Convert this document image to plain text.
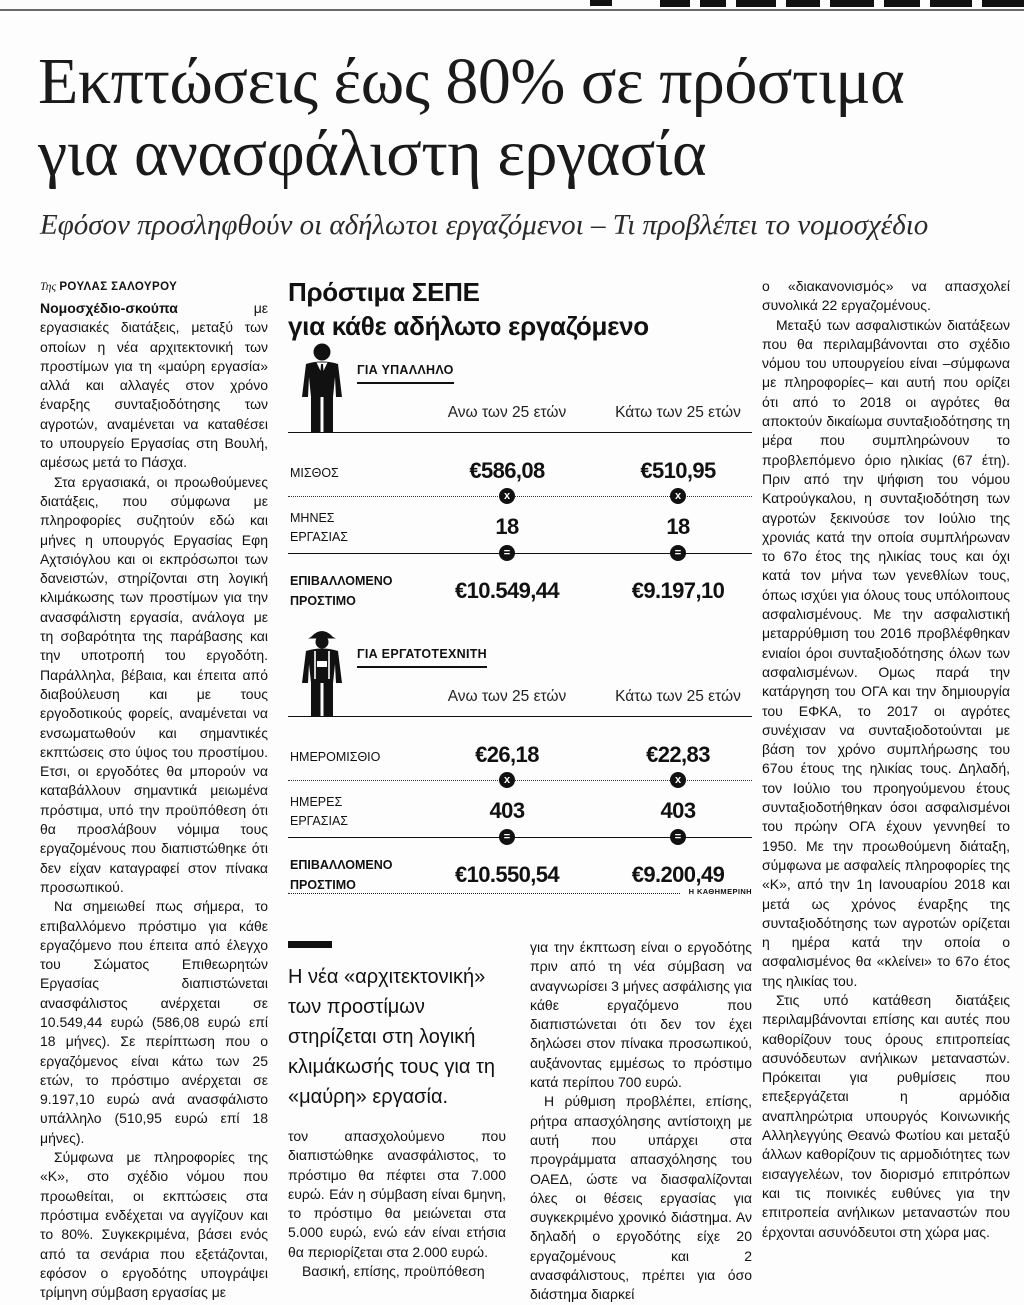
Εκπτώσεις έως 80% σε πρόστιμα
για ανασφάλιστη εργασία

Εφόσον προσληφθούν οι αδήλωτοι εργαζόμενοι – Τι προβλέπει το νομοσχέδιο

Της ΡΟΥΛΑΣ ΣΑΛΟΥΡΟΥ

Νομοσχέδιο-σκούπα	με εργασιακές διατάξεις, μεταξύ των οποίων η νέα αρχιτεκτονική των προστίμων για τη «μαύρη εργασία» αλλά και αλλαγές στον χρόνο έναρξης συνταξιοδότησης των αγροτών, αναμένεται να καταθέσει το υπουργείο Εργασίας στη Βουλή, αμέσως μετά το Πάσχα.

Στα εργασιακά, οι προωθούμενες διατάξεις, που σύμφωνα με πληροφορίες συζητούν εδώ και μήνες η υπουργός Εργασίας Εφη Αχτσιόγλου και οι εκπρόσωποι των δανειστών, στηρίζονται στη λογική κλιμάκωσης των προστίμων για την ανασφάλιστη εργασία, ανάλογα με τη σοβαρότητα της παράβασης και την υποτροπή του εργοδότη. Παράλληλα, βέβαια, και έπειτα από διαβούλευση και με τους εργοδοτικούς φορείς, αναμένεται να ενσωματωθούν και σημαντικές εκπτώσεις στο ύψος του προστίμου. Ετσι, οι εργοδότες θα μπορούν να καταβάλλουν σημαντικά μειωμένα πρόστιμα, υπό την προϋπόθεση ότι θα προσλάβουν νόμιμα τους εργαζομένους που διαπιστώθηκε ότι δεν είχαν καταγραφεί στον πίνακα προσωπικού.

Να σημειωθεί πως σήμερα, το επιβαλλόμενο πρόστιμο για κάθε εργαζόμενο που έπειτα από έλεγχο του Σώματος Επιθεωρητών Εργασίας διαπιστώνεται ανασφάλιστος ανέρχεται σε 10.549,44 ευρώ (586,08 ευρώ επί 18 μήνες). Σε περίπτωση που ο εργαζόμενος είναι κάτω των 25 ετών, το πρόστιμο ανέρχεται σε 9.197,10 ευρώ ανά ανασφάλιστο υπάλληλο (510,95 ευρώ επί 18 μήνες).

Σύμφωνα με πληροφορίες της «Κ», στο σχέδιο νόμου που προωθείται, οι εκπτώσεις στα πρόστιμα ενδέχεται να αγγίζουν και το 80%. Συγκεκριμένα, βάσει ενός από τα σενάρια που εξετάζονται, εφόσον ο εργοδότης υπογράψει τρίμηνη σύμβαση εργασίας με

Πρόστιμα ΣΕΠΕ
για κάθε αδήλωτο εργαζόμενο
ΓΙΑ ΥΠΑΛΛΗΛΟ
Ανω των 25 ετών	Κάτω των 25 ετών
ΜΙΣΘΟΣ	€586,08	€510,95
x	x
ΜΗΝΕΣ ΕΡΓΑΣΙΑΣ	18	18
=	=
ΕΠΙΒΑΛΛΟΜΕΝΟ ΠΡΟΣΤΙΜΟ	€10.549,44	€9.197,10
ΓΙΑ ΕΡΓΑΤΟΤΕΧΝΙΤΗ
Ανω των 25 ετών	Κάτω των 25 ετών
ΗΜΕΡΟΜΙΣΘΙΟ	€26,18	€22,83
x	x
ΗΜΕΡΕΣ ΕΡΓΑΣΙΑΣ	403	403
=	=
ΕΠΙΒΑΛΛΟΜΕΝΟ ΠΡΟΣΤΙΜΟ	€10.550,54	€9.200,49
Η ΚΑΘΗΜΕΡΙΝΗ

Η νέα «αρχιτεκτονική» των προστίμων στηρίζεται στη λογική κλιμάκωσής τους για τη «μαύρη» εργασία.

τον απασχολούμενο που διαπιστώθηκε ανασφάλιστος, το πρόστιμο θα πέφτει στα 7.000 ευρώ. Εάν η σύμβαση είναι 6μηνη, το πρόστιμο θα μειώνεται στα 5.000 ευρώ, ενώ εάν είναι ετήσια θα περιορίζεται στα 2.000 ευρώ.

Βασική, επίσης, προϋπόθεση

για την έκπτωση είναι ο εργοδότης πριν από τη νέα σύμβαση να αναγνωρίσει 3 μήνες ασφάλισης για κάθε εργαζόμενο που διαπιστώνεται ότι δεν τον έχει δηλώσει στον πίνακα προσωπικού, αυξάνοντας εμμέσως το πρόστιμο κατά περίπου 700 ευρώ.

Η ρύθμιση προβλέπει, επίσης, ρήτρα απασχόλησης αντίστοιχη με αυτή που υπάρχει στα προγράμματα απασχόλησης του ΟΑΕΔ, ώστε να διασφαλίζονται όλες οι θέσεις εργασίας για συγκεκριμένο χρονικό διάστημα. Αν δηλαδή ο εργοδότης είχε 20 εργαζομένους και 2 ανασφάλιστους, πρέπει για όσο διάστημα διαρκεί

ο «διακανονισμός» να απασχολεί συνολικά 22 εργαζομένους.

Μεταξύ των ασφαλιστικών διατάξεων που θα περιλαμβάνονται στο σχέδιο νόμου του υπουργείου είναι –σύμφωνα με πληροφορίες– και αυτή που ορίζει ότι από το 2018 οι αγρότες θα αποκτούν δικαίωμα συνταξιοδότησης τη μέρα που συμπληρώνουν το προβλεπόμενο όριο ηλικίας (67 έτη). Πριν από την ψήφιση του νόμου Κατρούγκαλου, η συνταξιοδότηση των αγροτών ξεκινούσε τον Ιούλιο της χρονιάς κατά την οποία συμπλήρωναν το 67ο έτος της ηλικίας τους και όχι κατά τον μήνα των γενεθλίων τους, όπως ισχύει για όλους τους υπόλοιπους ασφαλισμένους. Με την ασφαλιστική μεταρρύθμιση του 2016 προβλέφθηκαν ενιαίοι όροι συνταξιοδότησης όλων των ασφαλισμένων. Ομως παρά την κατάργηση του ΟΓΑ και την δημιουργία του ΕΦΚΑ, το 2017 οι αγρότες συνέχισαν να συνταξιοδοτούνται με βάση τον χρόνο συμπλήρωσης του 67ου έτους της ηλικίας τους. Δηλαδή, τον Ιούλιο του προηγούμενου έτους συνταξιοδοτήθηκαν όσοι ασφαλισμένοι του πρώην ΟΓΑ έχουν γεννηθεί το 1950. Με την προωθούμενη διάταξη, σύμφωνα με ασφαλείς πληροφορίες της «Κ», από την 1η Ιανουαρίου 2018 και μετά ως χρόνος έναρξης της συνταξιοδότησης των αγροτών ορίζεται η ημέρα κατά την οποία ο ασφαλισμένος θα «κλείνει» το 67ο έτος της ηλικίας του.

Στις υπό κατάθεση διατάξεις περιλαμβάνονται επίσης και αυτές που καθορίζουν τους όρους επιτροπείας ασυνόδευτων ανήλικων μεταναστών. Πρόκειται για ρυθμίσεις που επεξεργάζεται η αρμόδια αναπληρώτρια υπουργός Κοινωνικής Αλληλεγγύης Θεανώ Φωτίου και μεταξύ άλλων καθορίζουν τις αρμοδιότητες των εισαγγελέων, τον διορισμό επιτρόπων και τις ποινικές ευθύνες για την επιτροπεία ανήλικων μεταναστών που έρχονται ασυνόδευτοι στη χώρα μας.
